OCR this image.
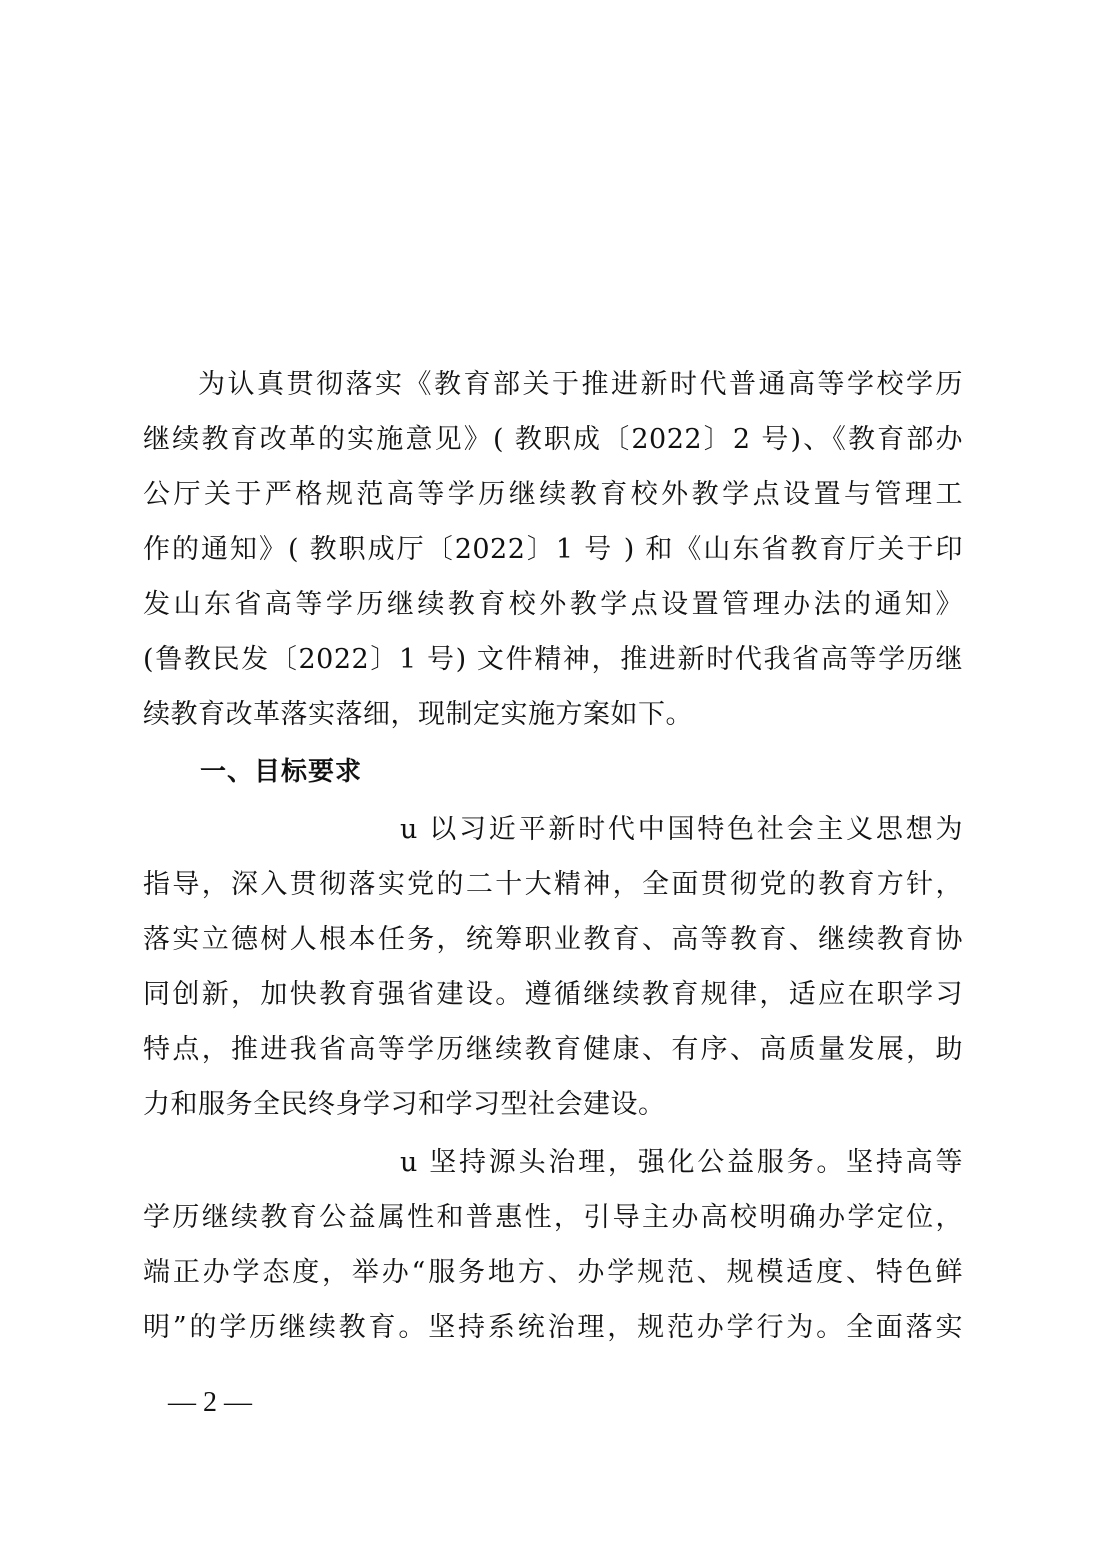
为认真贯彻落实《教育部关于推进新时代普通高等学校学历
继续教育改革的实施意见》( 教职成〔2022〕2 号)、《教育部办
公厅关于严格规范高等学历继续教育校外教学点设置与管理工
作的通知》( 教职成厅〔2022〕1 号 ) 和《山东省教育厅关于印
发山东省高等学历继续教育校外教学点设置管理办法的通知》
(鲁教民发〔2022〕1 号) 文件精神，推进新时代我省高等学历继
续教育改革落实落细，现制定实施方案如下。
一、目标要求
u 以习近平新时代中国特色社会主义思想为
指导，深入贯彻落实党的二十大精神，全面贯彻党的教育方针，
落实立德树人根本任务，统筹职业教育、高等教育、继续教育协
同创新，加快教育强省建设。遵循继续教育规律，适应在职学习
特点，推进我省高等学历继续教育健康、有序、高质量发展，助
力和服务全民终身学习和学习型社会建设。
u 坚持源头治理，强化公益服务。坚持高等
学历继续教育公益属性和普惠性，引导主办高校明确办学定位，
端正办学态度，举办“服务地方、办学规范、规模适度、特色鲜
明”的学历继续教育。坚持系统治理，规范办学行为。全面落实
— 2 —
